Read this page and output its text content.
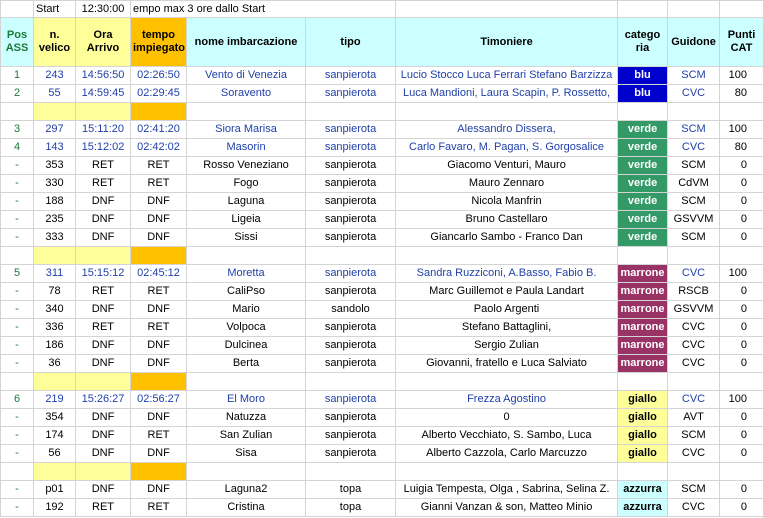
	Start	12:30:00	empo max 3 ore dallo Start						
Pos ASS	n. velico	Ora Arrivo	tempo impiegato	nome imbarcazione	tipo	Timoniere	catego ria	Guidone	Punti CAT
1	243	14:56:50	02:26:50	Vento di Venezia	sanpierota	Lucio Stocco Luca Ferrari Stefano Barzizza	blu	SCM	100
2	55	14:59:45	02:29:45	Soravento	sanpierota	Luca Mandioni, Laura Scapin, P. Rossetto,	blu	CVC	80

3	297	15:11:20	02:41:20	Siora Marisa	sanpierota	Alessandro Dissera,	verde	SCM	100
4	143	15:12:02	02:42:02	Masorin	sanpierota	Carlo Favaro, M. Pagan, S. Gorgosalice	verde	CVC	80
-	353	RET	RET	Rosso Veneziano	sanpierota	Giacomo Venturi, Mauro	verde	SCM	0
-	330	RET	RET	Fogo	sanpierota	Mauro Zennaro	verde	CdVM	0
-	188	DNF	DNF	Laguna	sanpierota	Nicola Manfrin	verde	SCM	0
-	235	DNF	DNF	Ligeia	sanpierota	Bruno Castellaro	verde	GSVVM	0
-	333	DNF	DNF	Sissi	sanpierota	Giancarlo Sambo - Franco Dan	verde	SCM	0

5	311	15:15:12	02:45:12	Moretta	sanpierota	Sandra Ruzziconi, A.Basso, Fabio B.	marrone	CVC	100
-	78	RET	RET	CaliPso	sanpierota	Marc Guillemot e Paula Landart	marrone	RSCB	0
-	340	DNF	DNF	Mario	sandolo	Paolo Argenti	marrone	GSVVM	0
-	336	RET	RET	Volpoca	sanpierota	Stefano Battaglini,	marrone	CVC	0
-	186	DNF	DNF	Dulcinea	sanpierota	Sergio Zulian	marrone	CVC	0
-	36	DNF	DNF	Berta	sanpierota	Giovanni, fratello e Luca Salviato	marrone	CVC	0

6	219	15:26:27	02:56:27	El Moro	sanpierota	Frezza Agostino	giallo	CVC	100
-	354	DNF	DNF	Natuzza	sanpierota	0	giallo	AVT	0
-	174	DNF	RET	San Zulian	sanpierota	Alberto Vecchiato, S. Sambo, Luca	giallo	SCM	0
-	56	DNF	DNF	Sisa	sanpierota	Alberto Cazzola, Carlo Marcuzzo	giallo	CVC	0

-	p01	DNF	DNF	Laguna2	topa	Luigia Tempesta, Olga , Sabrina, Selina Z.	azzurra	SCM	0
-	192	RET	RET	Cristina	topa	Gianni Vanzan & son, Matteo Minio	azzurra	CVC	0
